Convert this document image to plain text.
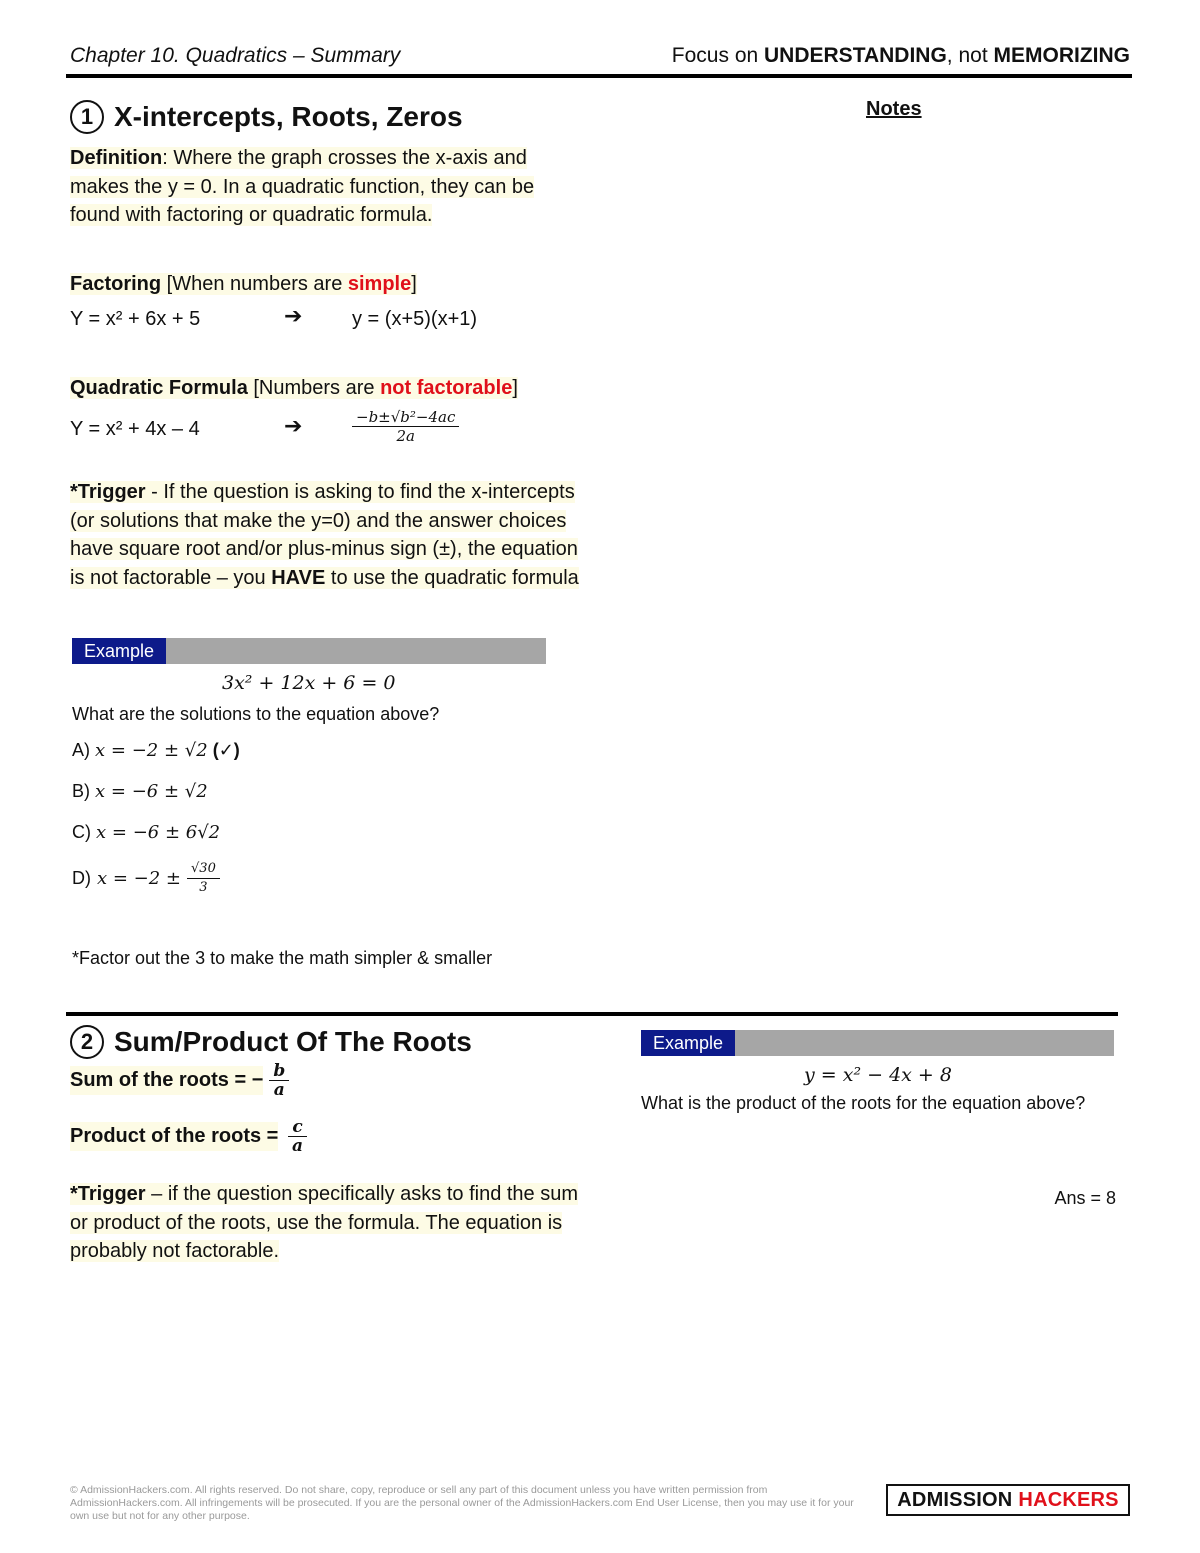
Chapter 10. Quadratics – Summary	Focus on UNDERSTANDING, not MEMORIZING
Notes
1 X-intercepts, Roots, Zeros
Definition: Where the graph crosses the x-axis and makes the y = 0. In a quadratic function, they can be found with factoring or quadratic formula.
Factoring [When numbers are simple]
Y = x² + 6x + 5	➔ y = (x+5)(x+1)
Quadratic Formula [Numbers are not factorable]
Y = x² + 4x – 4	➔	$\frac{\text{−b±√b²−4ac}}{2a}$
*Trigger - If the question is asking to find the x-intercepts (or solutions that make the y=0) and the answer choices have square root and/or plus-minus sign (±), the equation is not factorable – you HAVE to use the quadratic formula
Example
3x² + 12x + 6 = 0
What are the solutions to the equation above?
A) x = −2 ± √2 (✓)
B) x = −6 ± √2
C) x = −6 ± 6√2
D) $x = -2 \pm \frac{√30}{3}$
*Factor out the 3 to make the math simpler & smaller
2 Sum/Product Of The Roots
Sum of the roots = − $\frac{b}{a}$
Product of the roots = $\frac{c}{a}$
*Trigger – if the question specifically asks to find the sum or product of the roots, use the formula. The equation is probably not factorable.
Example
y = x² − 4x + 8
What is the product of the roots for the equation above?
Ans = 8
© AdmissionHackers.com. All rights reserved. Do not share, copy, reproduce or sell any part of this document unless you have written permission from AdmissionHackers.com. All infringements will be prosecuted. If you are the personal owner of the AdmissionHackers.com End User License, then you may use it for your own use but not for any other purpose.
ADMISSION HACKERS
